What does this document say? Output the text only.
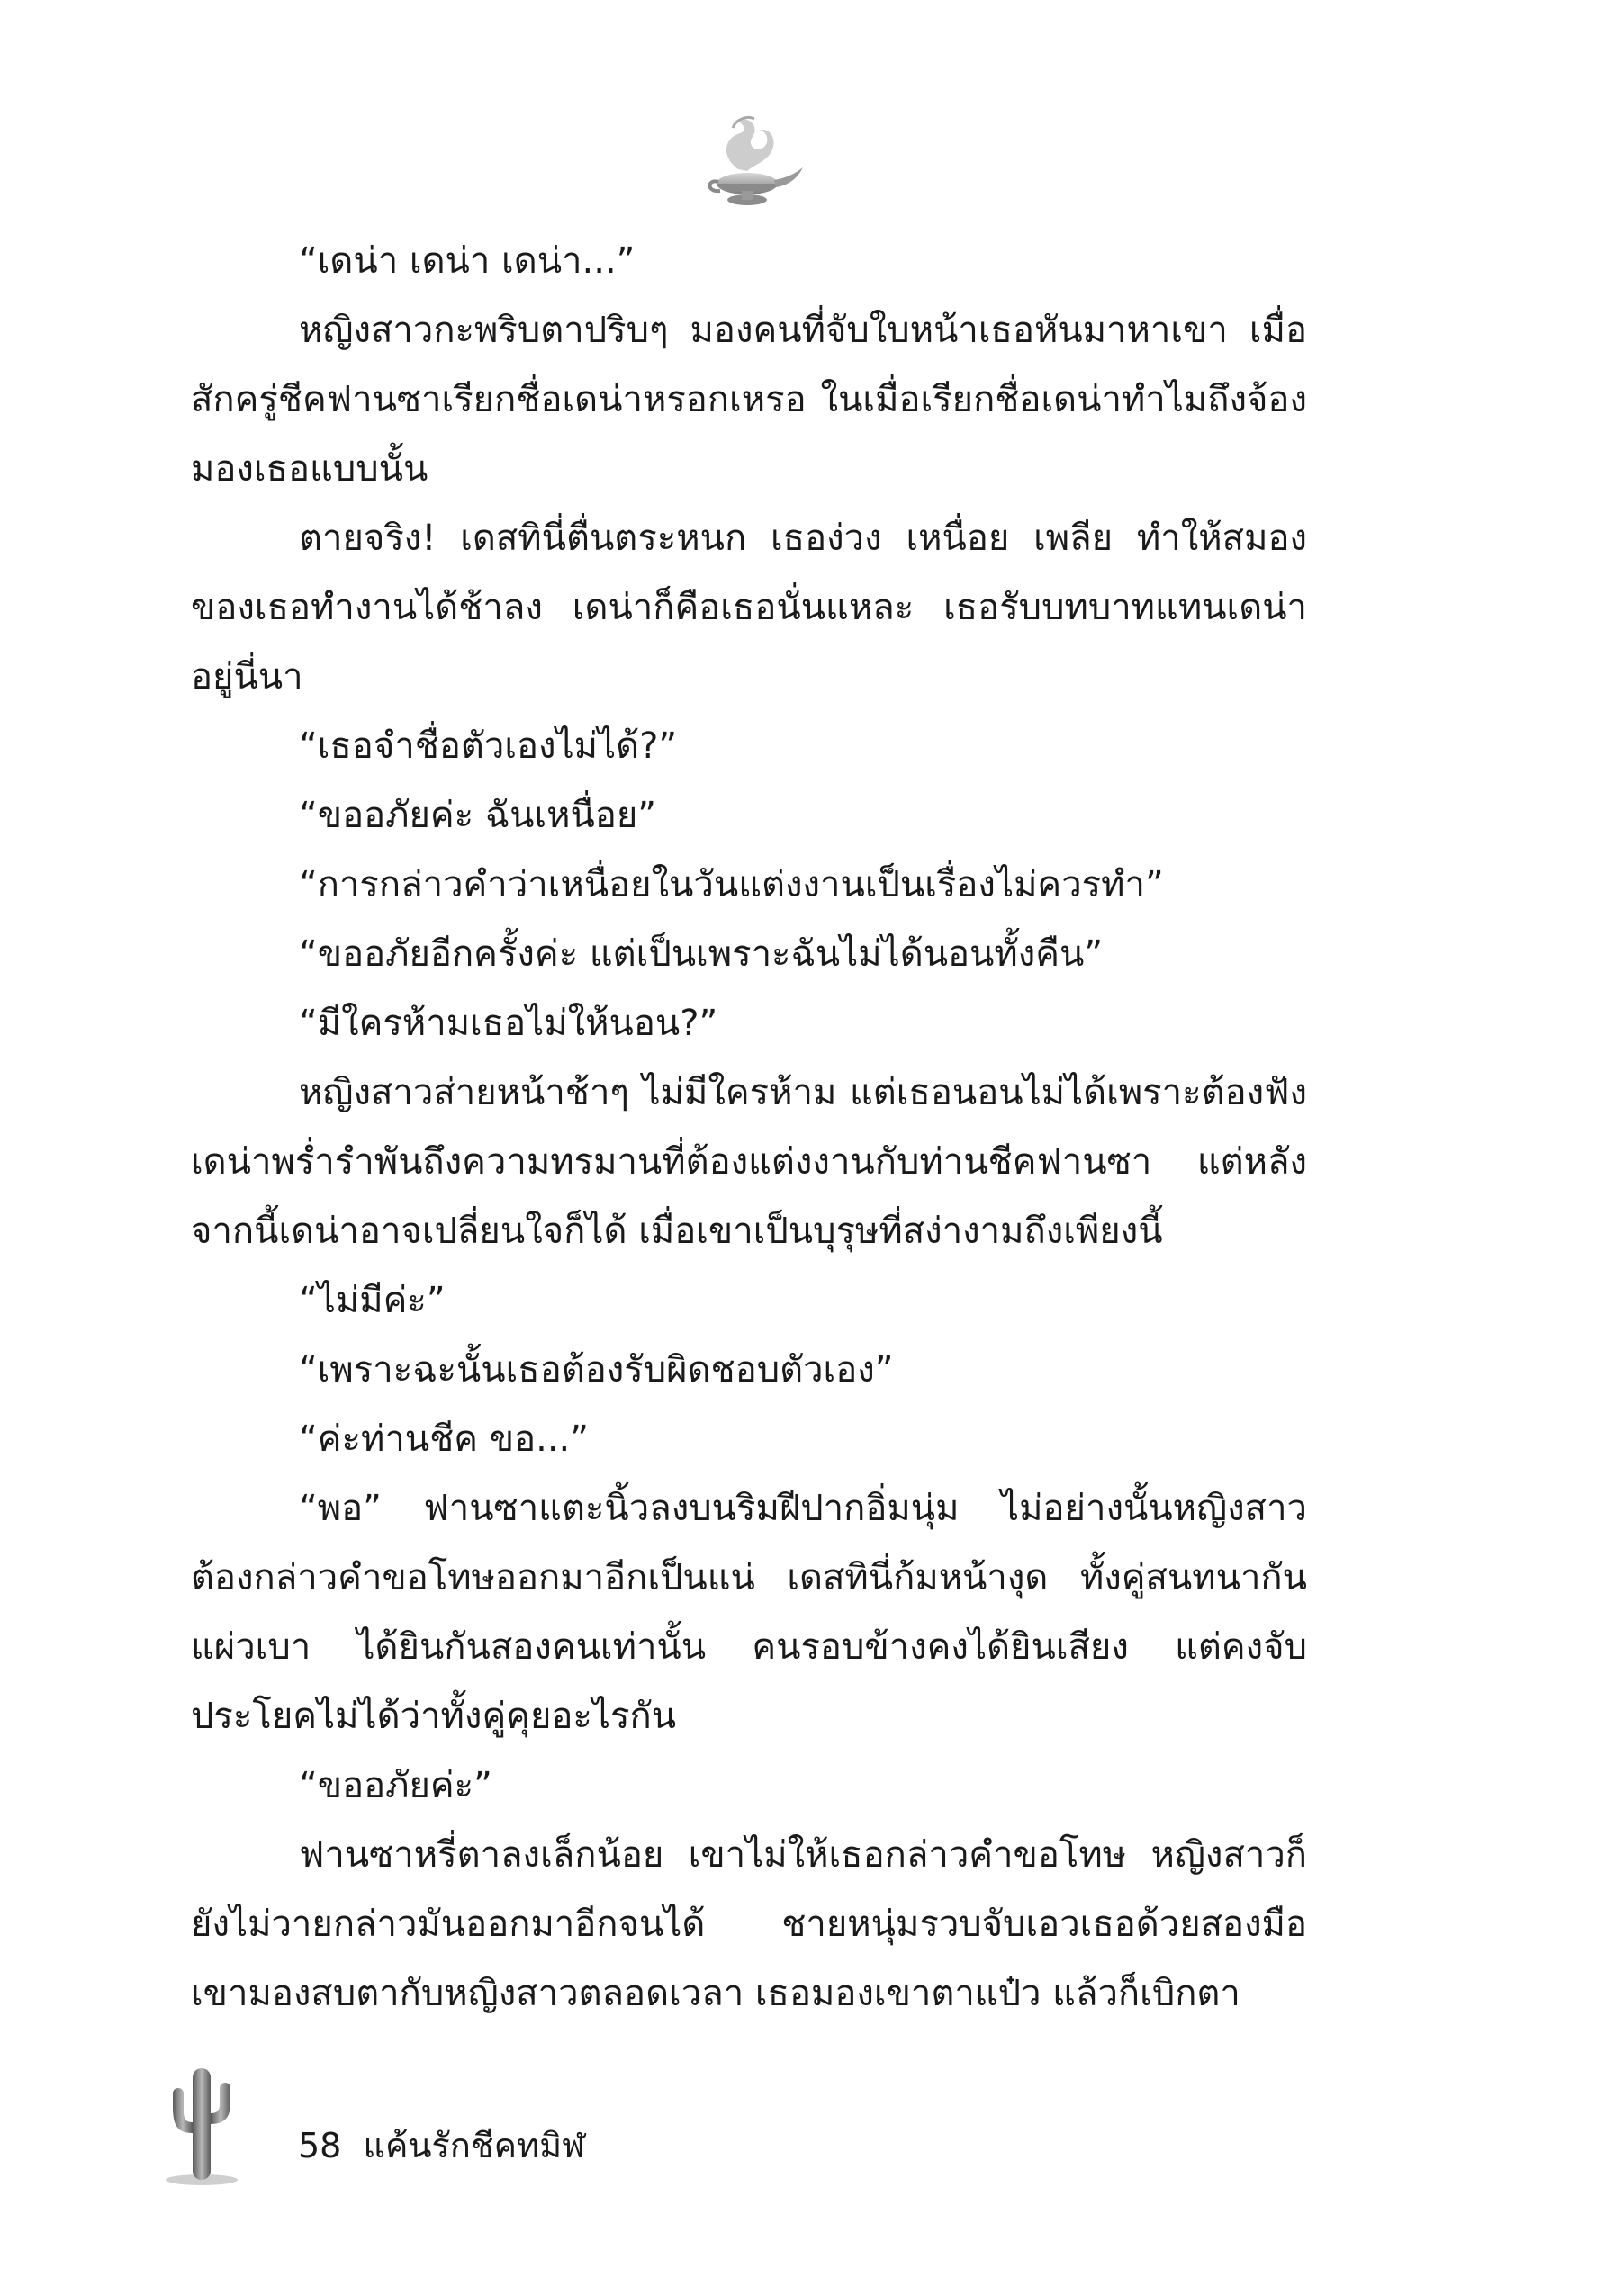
“เดน่า เดน่า เดน่า...”

หญิงสาวกะพริบตาปริบๆ มองคนที่จับใบหน้าเธอหันมาหาเขา เมื่อสักครู่ชีคฟานซาเรียกชื่อเดน่าหรอกเหรอ ในเมื่อเรียกชื่อเดน่าทำไมถึงจ้องมองเธอแบบนั้น

ตายจริง! เดสทินี่ตื่นตระหนก เธอง่วง เหนื่อย เพลีย ทำให้สมองของเธอทำงานได้ช้าลง เดน่าก็คือเธอนั่นแหละ เธอรับบทบาทแทนเดน่าอยู่นี่นา

“เธอจำชื่อตัวเองไม่ได้?”

“ขออภัยค่ะ ฉันเหนื่อย”

“การกล่าวคำว่าเหนื่อยในวันแต่งงานเป็นเรื่องไม่ควรทำ”

“ขออภัยอีกครั้งค่ะ แต่เป็นเพราะฉันไม่ได้นอนทั้งคืน”

“มีใครห้ามเธอไม่ให้นอน?”

หญิงสาวส่ายหน้าช้าๆ ไม่มีใครห้าม แต่เธอนอนไม่ได้เพราะต้องฟังเดน่าพร่ำรำพันถึงความทรมานที่ต้องแต่งงานกับท่านชีคฟานซา แต่หลังจากนี้เดน่าอาจเปลี่ยนใจก็ได้ เมื่อเขาเป็นบุรุษที่สง่างามถึงเพียงนี้

“ไม่มีค่ะ”

“เพราะฉะนั้นเธอต้องรับผิดชอบตัวเอง”

“ค่ะท่านชีค ขอ...”

“พอ” ฟานซาแตะนิ้วลงบนริมฝีปากอิ่มนุ่ม ไม่อย่างนั้นหญิงสาวต้องกล่าวคำขอโทษออกมาอีกเป็นแน่ เดสทินี่ก้มหน้างุด ทั้งคู่สนทนากันแผ่วเบา ได้ยินกันสองคนเท่านั้น คนรอบข้างคงได้ยินเสียง แต่คงจับประโยคไม่ได้ว่าทั้งคู่คุยอะไรกัน

“ขออภัยค่ะ”

ฟานซาหรี่ตาลงเล็กน้อย เขาไม่ให้เธอกล่าวคำขอโทษ หญิงสาวก็ยังไม่วายกล่าวมันออกมาอีกจนได้ ชายหนุ่มรวบจับเอวเธอด้วยสองมือ เขามองสบตากับหญิงสาวตลอดเวลา เธอมองเขาตาแป๋ว แล้วก็เบิกตา

58 แค้นรักชีคทมิฬ
